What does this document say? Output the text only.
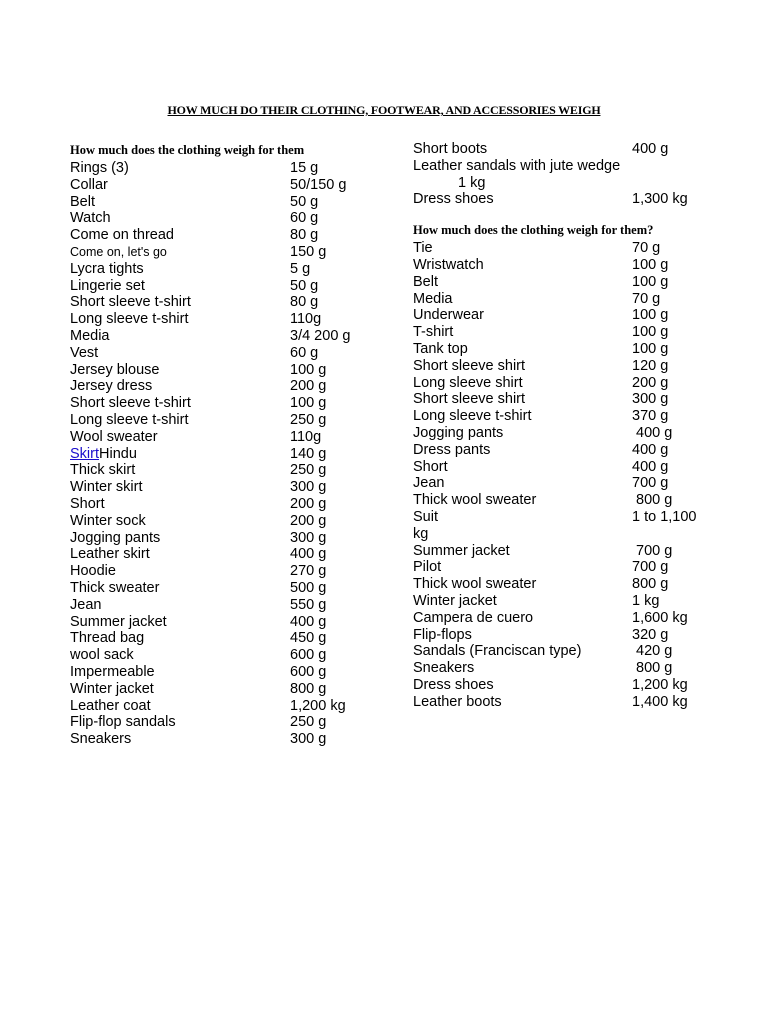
HOW MUCH DO THEIR CLOTHING, FOOTWEAR, AND ACCESSORIES WEIGH
How much does the clothing weigh for them
Rings (3)	15 g
Collar	50/150 g
Belt	50 g
Watch	60 g
Come on thread	80 g
Come on, let's go	150 g
Lycra tights	5 g
Lingerie set	50 g
Short sleeve t-shirt	80 g
Long sleeve t-shirt	110g
Media	3/4 200 g
Vest	60 g
Jersey blouse	100 g
Jersey dress	200 g
Short sleeve t-shirt	100 g
Long sleeve t-shirt	250 g
Wool sweater	110g
SkirtHindu	140 g
Thick skirt	250 g
Winter skirt	300 g
Short	200 g
Winter sock	200 g
Jogging pants	300 g
Leather skirt	400 g
Hoodie	270 g
Thick sweater	500 g
Jean	550 g
Summer jacket	400 g
Thread bag	450 g
wool sack	600 g
Impermeable	600 g
Winter jacket	800 g
Leather coat	1,200 kg
Flip-flop sandals	250 g
Sneakers	300 g
Short boots	400 g
Leather sandals with jute wedge
1 kg
Dress shoes	1,300 kg
How much does the clothing weigh for them?
Tie	70 g
Wristwatch	100 g
Belt	100 g
Media	70 g
Underwear	100 g
T-shirt	100 g
Tank top	100 g
Short sleeve shirt	120 g
Long sleeve shirt	200 g
Short sleeve shirt	300 g
Long sleeve t-shirt	370 g
Jogging pants	400 g
Dress pants	400 g
Short	400 g
Jean	700 g
Thick wool sweater	800 g
Suit	1 to 1,100
kg
Summer jacket	700 g
Pilot	700 g
Thick wool sweater	800 g
Winter jacket	1 kg
Campera de cuero	1,600 kg
Flip-flops	320 g
Sandals (Franciscan type)	420 g
Sneakers	800 g
Dress shoes	1,200 kg
Leather boots	1,400 kg
